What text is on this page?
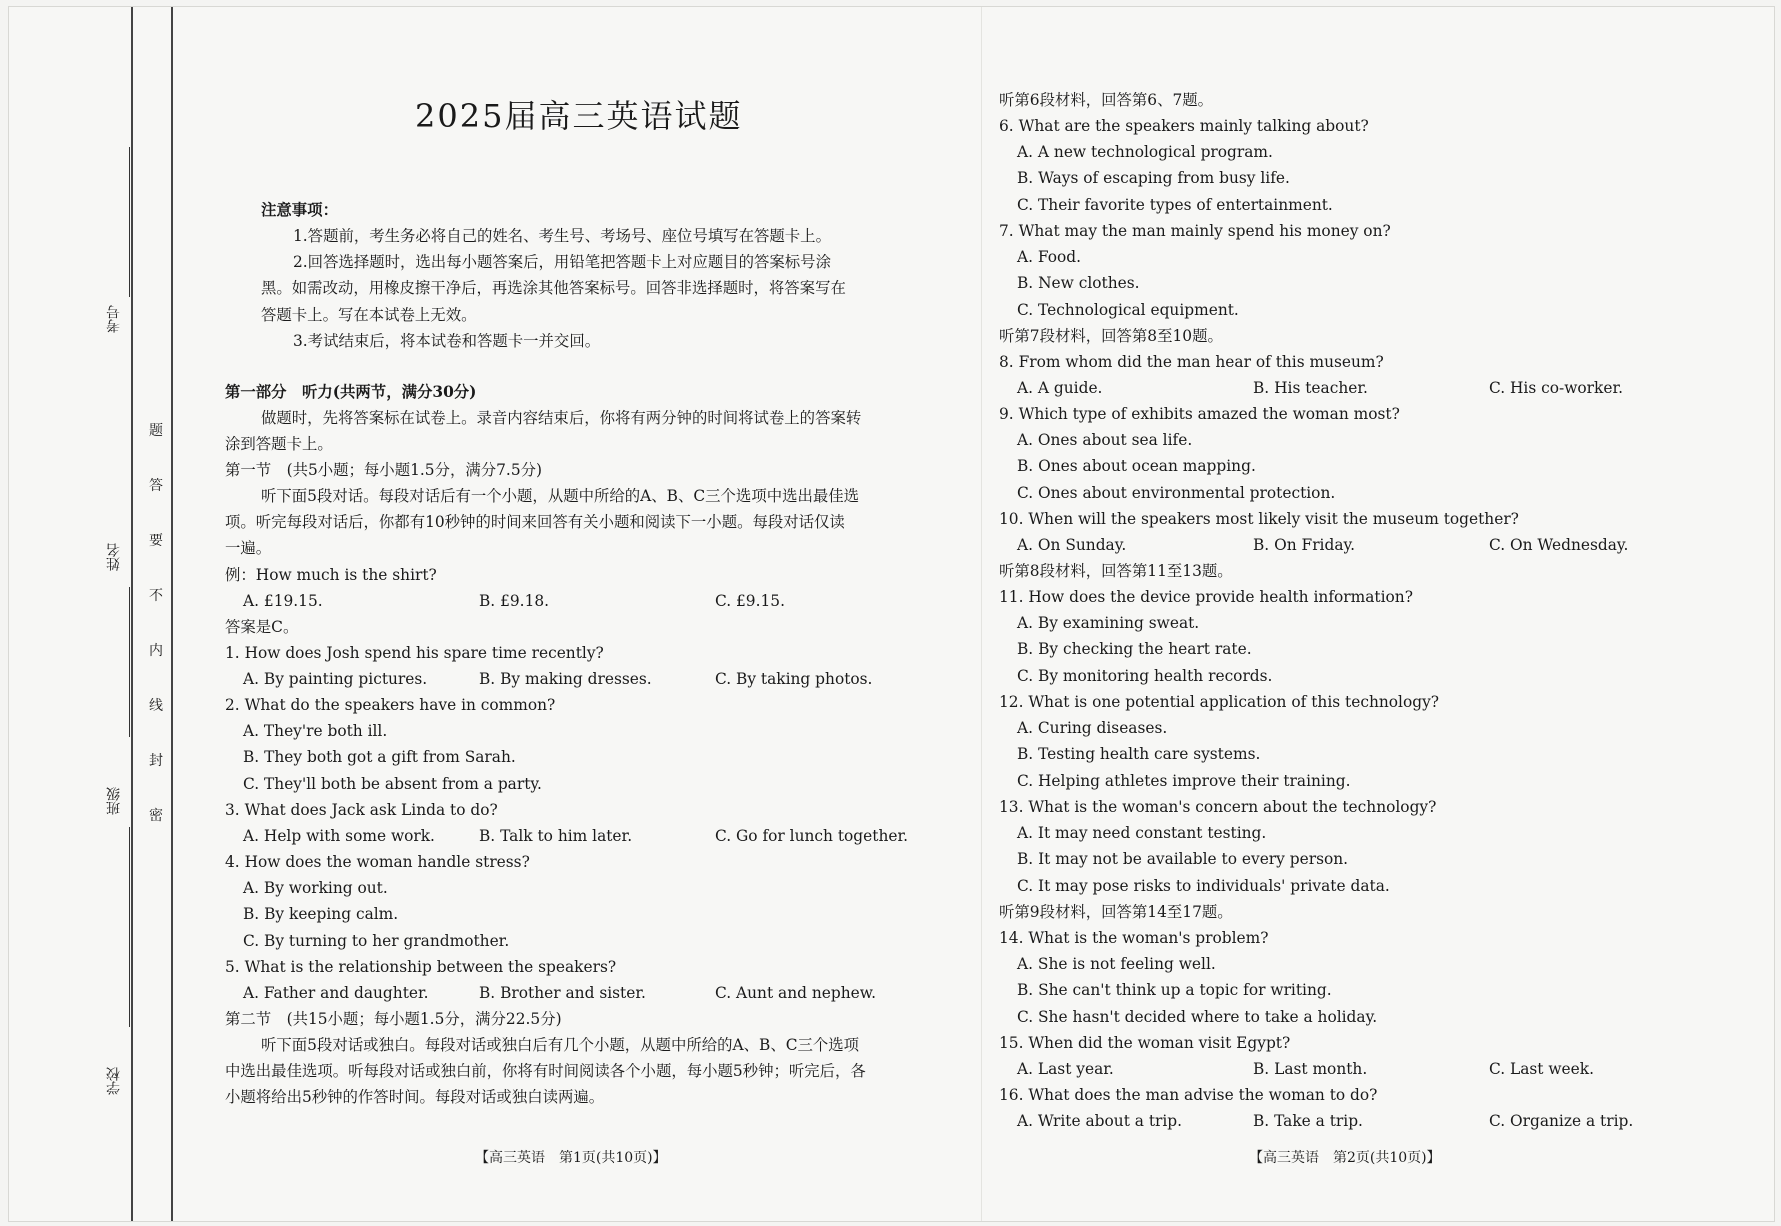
考号
姓名
班级
学校
题
答
要
不
内
线
封
密
2025届高三英语试题
注意事项：
1.答题前，考生务必将自己的姓名、考生号、考场号、座位号填写在答题卡上。
2.回答选择题时，选出每小题答案后，用铅笔把答题卡上对应题目的答案标号涂
黑。如需改动，用橡皮擦干净后，再选涂其他答案标号。回答非选择题时，将答案写在
答题卡上。写在本试卷上无效。
3.考试结束后，将本试卷和答题卡一并交回。
第一部分　听力(共两节，满分30分)
做题时，先将答案标在试卷上。录音内容结束后，你将有两分钟的时间将试卷上的答案转
涂到答题卡上。
第一节　(共5小题；每小题1.5分，满分7.5分)
听下面5段对话。每段对话后有一个小题，从题中所给的A、B、C三个选项中选出最佳选
项。听完每段对话后，你都有10秒钟的时间来回答有关小题和阅读下一小题。每段对话仅读
一遍。
例：How much is the shirt?
A. £19.15.	B. £9.18.	C. £9.15.
答案是C。
1. How does Josh spend his spare time recently?
A. By painting pictures.	B. By making dresses.	C. By taking photos.
2. What do the speakers have in common?
A. They're both ill.
B. They both got a gift from Sarah.
C. They'll both be absent from a party.
3. What does Jack ask Linda to do?
A. Help with some work.	B. Talk to him later.	C. Go for lunch together.
4. How does the woman handle stress?
A. By working out.
B. By keeping calm.
C. By turning to her grandmother.
5. What is the relationship between the speakers?
A. Father and daughter.	B. Brother and sister.	C. Aunt and nephew.
第二节　(共15小题；每小题1.5分，满分22.5分)
听下面5段对话或独白。每段对话或独白后有几个小题，从题中所给的A、B、C三个选项
中选出最佳选项。听每段对话或独白前，你将有时间阅读各个小题，每小题5秒钟；听完后，各
小题将给出5秒钟的作答时间。每段对话或独白读两遍。
【高三英语　第1页(共10页)】
听第6段材料，回答第6、7题。
6. What are the speakers mainly talking about?
A. A new technological program.
B. Ways of escaping from busy life.
C. Their favorite types of entertainment.
7. What may the man mainly spend his money on?
A. Food.
B. New clothes.
C. Technological equipment.
听第7段材料，回答第8至10题。
8. From whom did the man hear of this museum?
A. A guide.	B. His teacher.	C. His co-worker.
9. Which type of exhibits amazed the woman most?
A. Ones about sea life.
B. Ones about ocean mapping.
C. Ones about environmental protection.
10. When will the speakers most likely visit the museum together?
A. On Sunday.	B. On Friday.	C. On Wednesday.
听第8段材料，回答第11至13题。
11. How does the device provide health information?
A. By examining sweat.
B. By checking the heart rate.
C. By monitoring health records.
12. What is one potential application of this technology?
A. Curing diseases.
B. Testing health care systems.
C. Helping athletes improve their training.
13. What is the woman's concern about the technology?
A. It may need constant testing.
B. It may not be available to every person.
C. It may pose risks to individuals' private data.
听第9段材料，回答第14至17题。
14. What is the woman's problem?
A. She is not feeling well.
B. She can't think up a topic for writing.
C. She hasn't decided where to take a holiday.
15. When did the woman visit Egypt?
A. Last year.	B. Last month.	C. Last week.
16. What does the man advise the woman to do?
A. Write about a trip.	B. Take a trip.	C. Organize a trip.
【高三英语　第2页(共10页)】
